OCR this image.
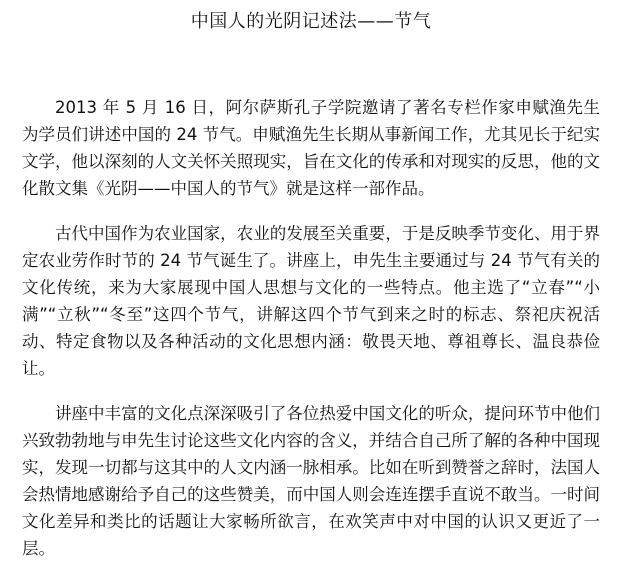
中国人的光阴记述法——节气

2013 年 5 月 16 日，阿尔萨斯孔子学院邀请了著名专栏作家申赋渔先生为学员们讲述中国的 24 节气。申赋渔先生长期从事新闻工作，尤其见长于纪实文学，他以深刻的人文关怀关照现实，旨在文化的传承和对现实的反思，他的文化散文集《光阴——中国人的节气》就是这样一部作品。

古代中国作为农业国家，农业的发展至关重要，于是反映季节变化、用于界定农业劳作时节的 24 节气诞生了。讲座上，申先生主要通过与 24 节气有关的文化传统，来为大家展现中国人思想与文化的一些特点。他主选了“立春”“小满”“立秋”“冬至”这四个节气，讲解这四个节气到来之时的标志、祭祀庆祝活动、特定食物以及各种活动的文化思想内涵：敬畏天地、尊祖尊长、温良恭俭让。

讲座中丰富的文化点深深吸引了各位热爱中国文化的听众，提问环节中他们兴致勃勃地与申先生讨论这些文化内容的含义，并结合自己所了解的各种中国现实，发现一切都与这其中的人文内涵一脉相承。比如在听到赞誉之辞时，法国人会热情地感谢给予自己的这些赞美，而中国人则会连连摆手直说不敢当。一时间文化差异和类比的话题让大家畅所欲言，在欢笑声中对中国的认识又更近了一层。
